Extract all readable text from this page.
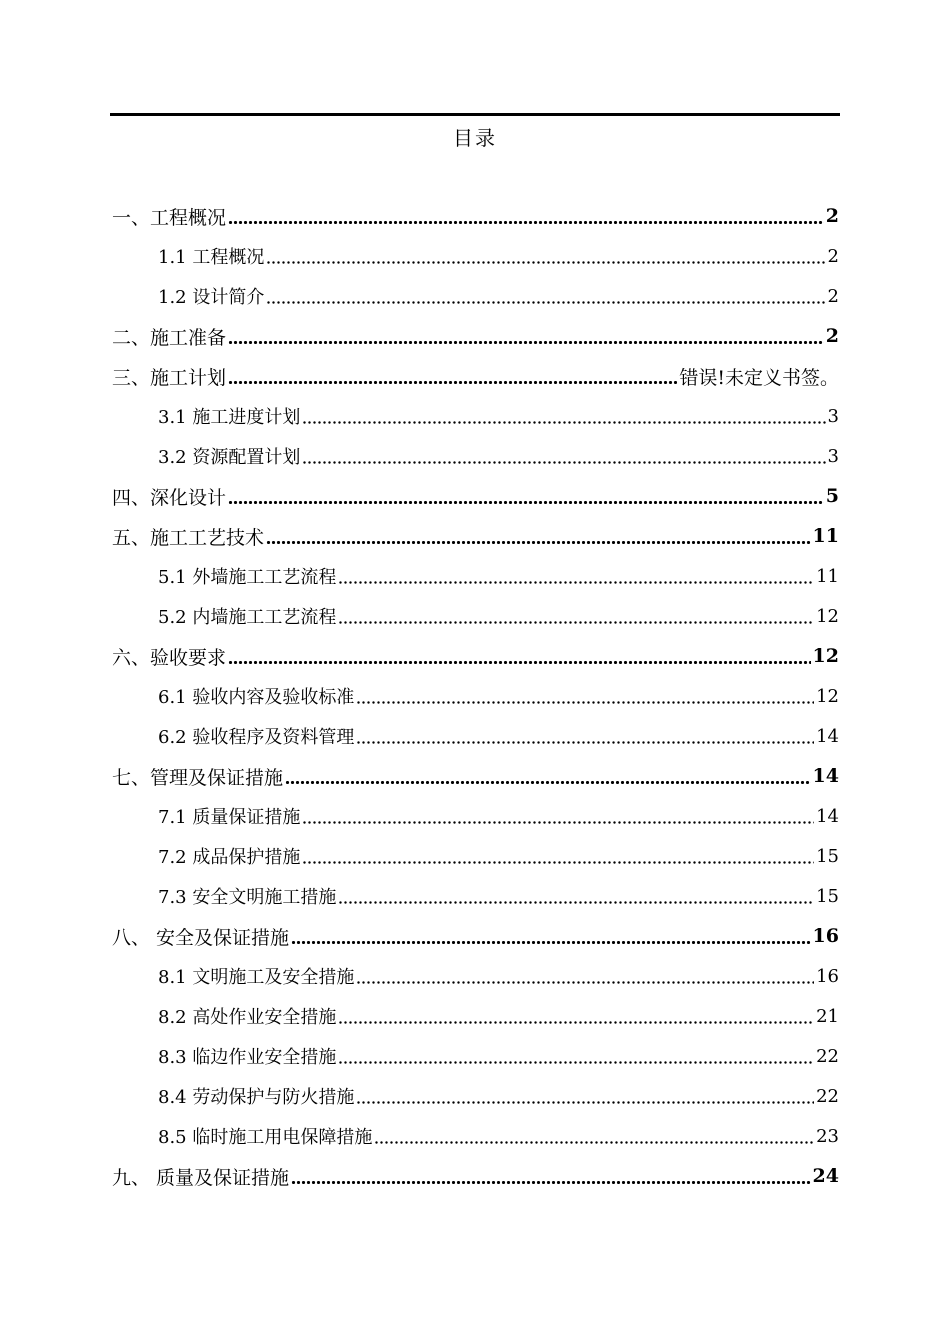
目录
一、工程概况	2
1.1 工程概况	2
1.2 设计简介	2
二、施工准备	2
三、施工计划	错误!未定义书签。
3.1 施工进度计划	3
3.2 资源配置计划	3
四、深化设计	5
五、施工工艺技术	11
5.1 外墙施工工艺流程	11
5.2 内墙施工工艺流程	12
六、验收要求	12
6.1 验收内容及验收标准	12
6.2 验收程序及资料管理	14
七、管理及保证措施	14
7.1 质量保证措施	14
7.2 成品保护措施	15
7.3 安全文明施工措施	15
八、 安全及保证措施	16
8.1 文明施工及安全措施	16
8.2 高处作业安全措施	21
8.3 临边作业安全措施	22
8.4 劳动保护与防火措施	22
8.5 临时施工用电保障措施	23
九、 质量及保证措施	24
